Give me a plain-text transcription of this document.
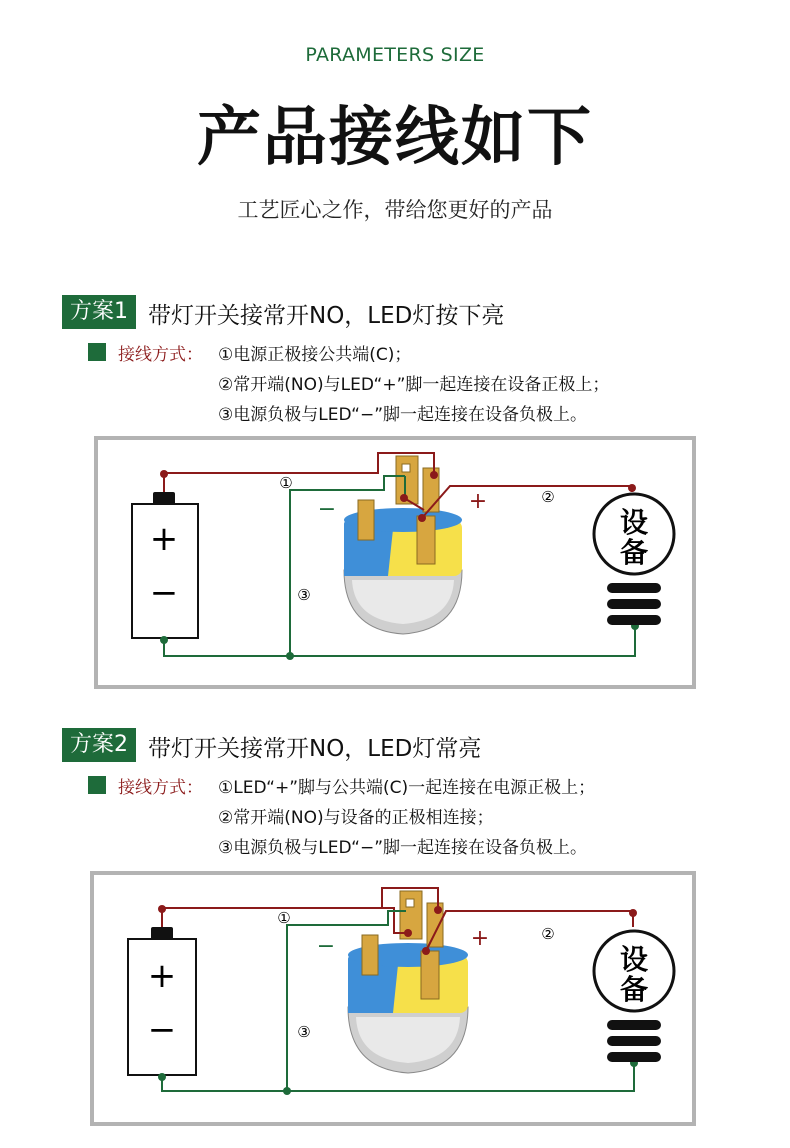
PARAMETERS SIZE
产品接线如下
工艺匠心之作，带给您更好的产品
方案1 带灯开关接常开NO，LED灯按下亮
接线方式： ①电源正极接公共端(C)；
②常开端(NO)与LED“+”脚一起连接在设备正极上；
③电源负极与LED“−”脚一起连接在设备负极上。
+
−
①
②
③
−	+
设
备
方案2 带灯开关接常开NO，LED灯常亮
接线方式： ①LED“+”脚与公共端(C)一起连接在电源正极上；
②常开端(NO)与设备的正极相连接；
③电源负极与LED“−”脚一起连接在设备负极上。
+
−
①
②
③
−	+
设
备
